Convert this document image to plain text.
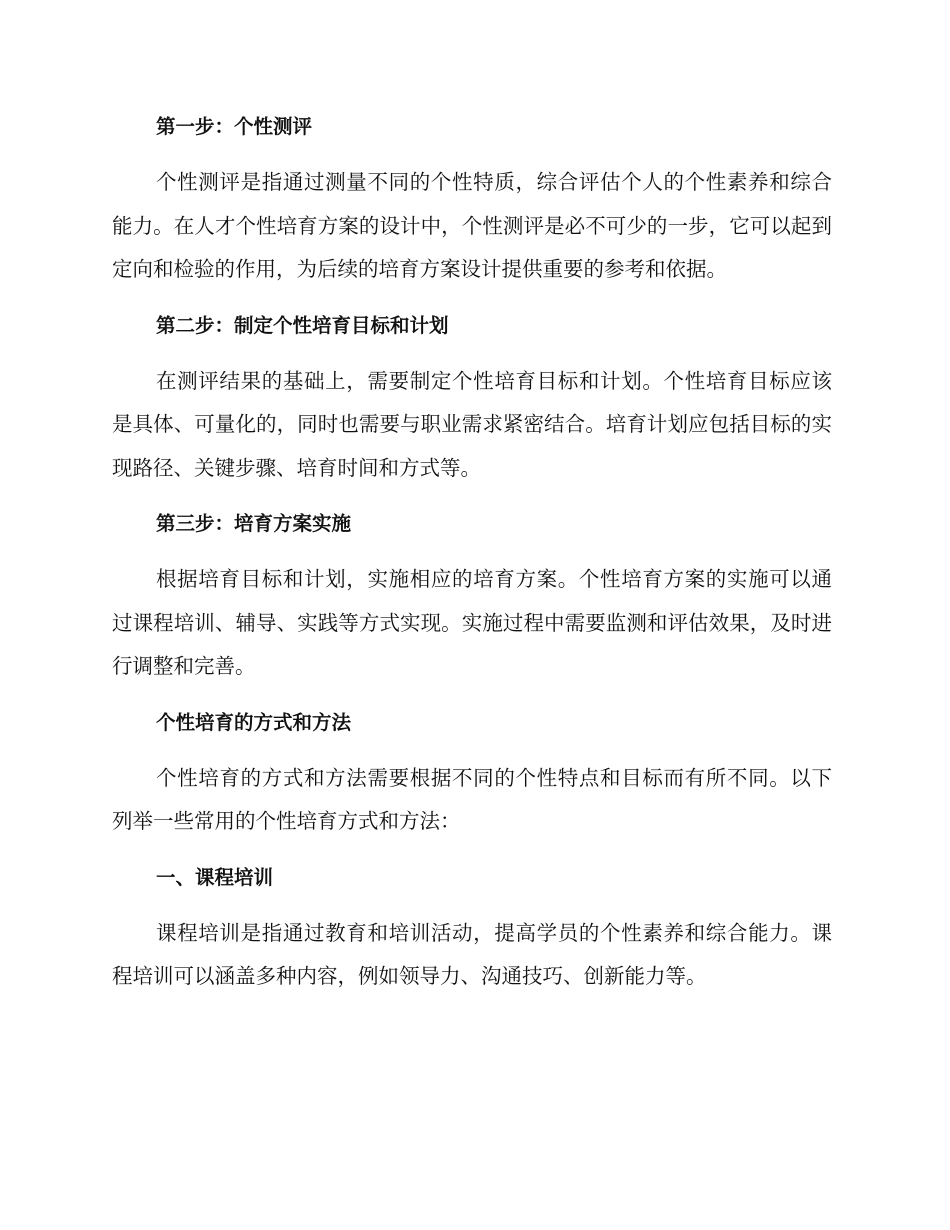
第一步：个性测评

个性测评是指通过测量不同的个性特质，综合评估个人的个性素养和综合能力。在人才个性培育方案的设计中，个性测评是必不可少的一步，它可以起到定向和检验的作用，为后续的培育方案设计提供重要的参考和依据。

第二步：制定个性培育目标和计划

在测评结果的基础上，需要制定个性培育目标和计划。个性培育目标应该是具体、可量化的，同时也需要与职业需求紧密结合。培育计划应包括目标的实现路径、关键步骤、培育时间和方式等。

第三步：培育方案实施

根据培育目标和计划，实施相应的培育方案。个性培育方案的实施可以通过课程培训、辅导、实践等方式实现。实施过程中需要监测和评估效果，及时进行调整和完善。

个性培育的方式和方法

个性培育的方式和方法需要根据不同的个性特点和目标而有所不同。以下列举一些常用的个性培育方式和方法：

一、课程培训

课程培训是指通过教育和培训活动，提高学员的个性素养和综合能力。课程培训可以涵盖多种内容，例如领导力、沟通技巧、创新能力等。
